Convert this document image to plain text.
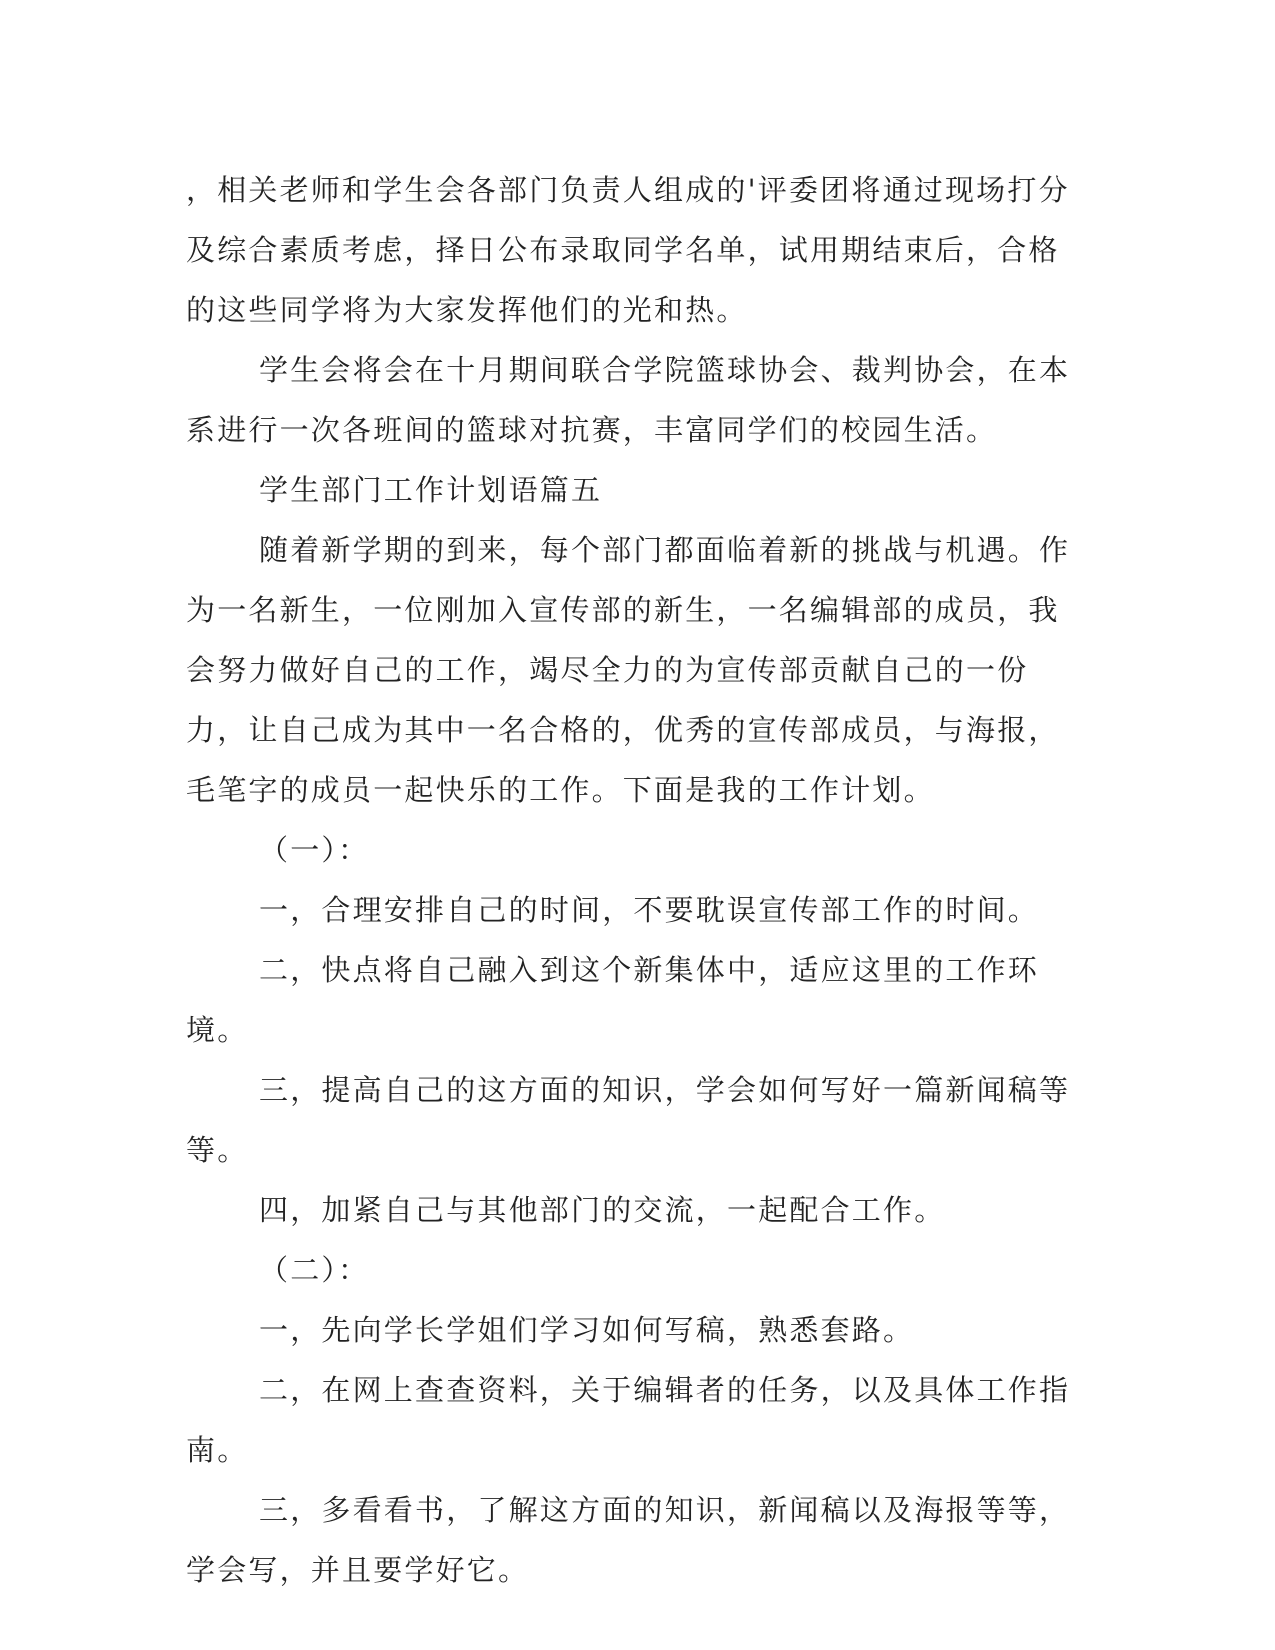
，相关老师和学生会各部门负责人组成的'评委团将通过现场打分及综合素质考虑，择日公布录取同学名单，试用期结束后，合格的这些同学将为大家发挥他们的光和热。

学生会将会在十月期间联合学院篮球协会、裁判协会，在本系进行一次各班间的篮球对抗赛，丰富同学们的校园生活。

学生部门工作计划语篇五

随着新学期的到来，每个部门都面临着新的挑战与机遇。作为一名新生，一位刚加入宣传部的新生，一名编辑部的成员，我会努力做好自己的工作，竭尽全力的为宣传部贡献自己的一份力，让自己成为其中一名合格的，优秀的宣传部成员，与海报，毛笔字的成员一起快乐的工作。下面是我的工作计划。

（一）：

一，合理安排自己的时间，不要耽误宣传部工作的时间。

二，快点将自己融入到这个新集体中，适应这里的工作环境。

三，提高自己的这方面的知识，学会如何写好一篇新闻稿等等。

四，加紧自己与其他部门的交流，一起配合工作。

（二）：

一，先向学长学姐们学习如何写稿，熟悉套路。

二，在网上查查资料，关于编辑者的任务，以及具体工作指南。

三，多看看书，了解这方面的知识，新闻稿以及海报等等，学会写，并且要学好它。
